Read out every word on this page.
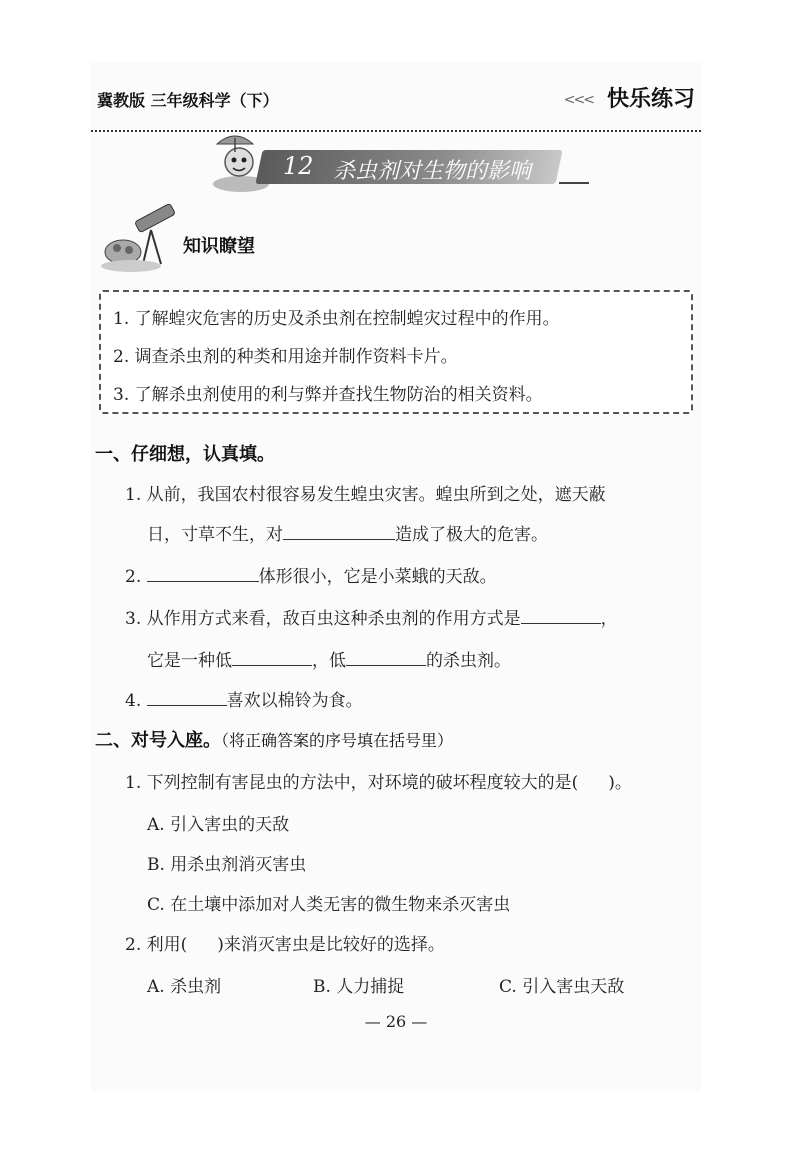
冀教版 三年级科学（下）	<<< 快乐练习
12 杀虫剂对生物的影响
知识瞭望
1. 了解蝗灾危害的历史及杀虫剂在控制蝗灾过程中的作用。
2. 调查杀虫剂的种类和用途并制作资料卡片。
3. 了解杀虫剂使用的利与弊并查找生物防治的相关资料。
一、仔细想，认真填。
1. 从前，我国农村很容易发生蝗虫灾害。蝗虫所到之处，遮天蔽
日，寸草不生，对	造成了极大的危害。
2.	体形很小，它是小菜蛾的天敌。
3. 从作用方式来看，敌百虫这种杀虫剂的作用方式是	，
它是一种低	，低	的杀虫剂。
4.	喜欢以棉铃为食。
二、对号入座。（将正确答案的序号填在括号里）
1. 下列控制有害昆虫的方法中，对环境的破坏程度较大的是( )。
A. 引入害虫的天敌
B. 用杀虫剂消灭害虫
C. 在土壤中添加对人类无害的微生物来杀灭害虫
2. 利用( )来消灭害虫是比较好的选择。
A. 杀虫剂	B. 人力捕捉	C. 引入害虫天敌
— 26 —
